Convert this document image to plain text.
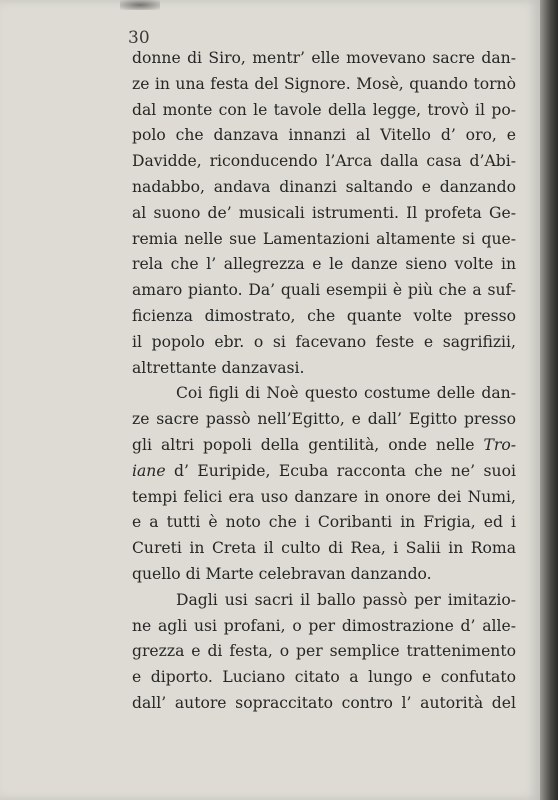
30
donne di Siro, mentr’ elle movevano sacre dan-
ze in una festa del Signore. Mosè, quando tornò
dal monte con le tavole della legge, trovò il po-
polo che danzava innanzi al Vitello d’ oro, e
Davidde, riconducendo l’Arca dalla casa d’Abi-
nadabbo, andava dinanzi saltando e danzando
al suono de’ musicali istrumenti. Il profeta Ge-
remia nelle sue Lamentazioni altamente si que-
rela che l’ allegrezza e le danze sieno volte in
amaro pianto. Da’ quali esempii è più che a suf-
ficienza dimostrato, che quante volte presso
il popolo ebr. o si facevano feste e sagrifizii,
altrettante danzavasi.
Coi figli di Noè questo costume delle dan-
ze sacre passò nell’Egitto, e dall’ Egitto presso
gli altri popoli della gentilità, onde nelle Tro-
iane d’ Euripide, Ecuba racconta che ne’ suoi
tempi felici era uso danzare in onore dei Numi,
e a tutti è noto che i Coribanti in Frigia, ed i
Cureti in Creta il culto di Rea, i Salii in Roma
quello di Marte celebravan danzando.
Dagli usi sacri il ballo passò per imitazio-
ne agli usi profani, o per dimostrazione d’ alle-
grezza e di festa, o per semplice trattenimento
e diporto. Luciano citato a lungo e confutato
dall’ autore sopraccitato contro l’ autorità del
